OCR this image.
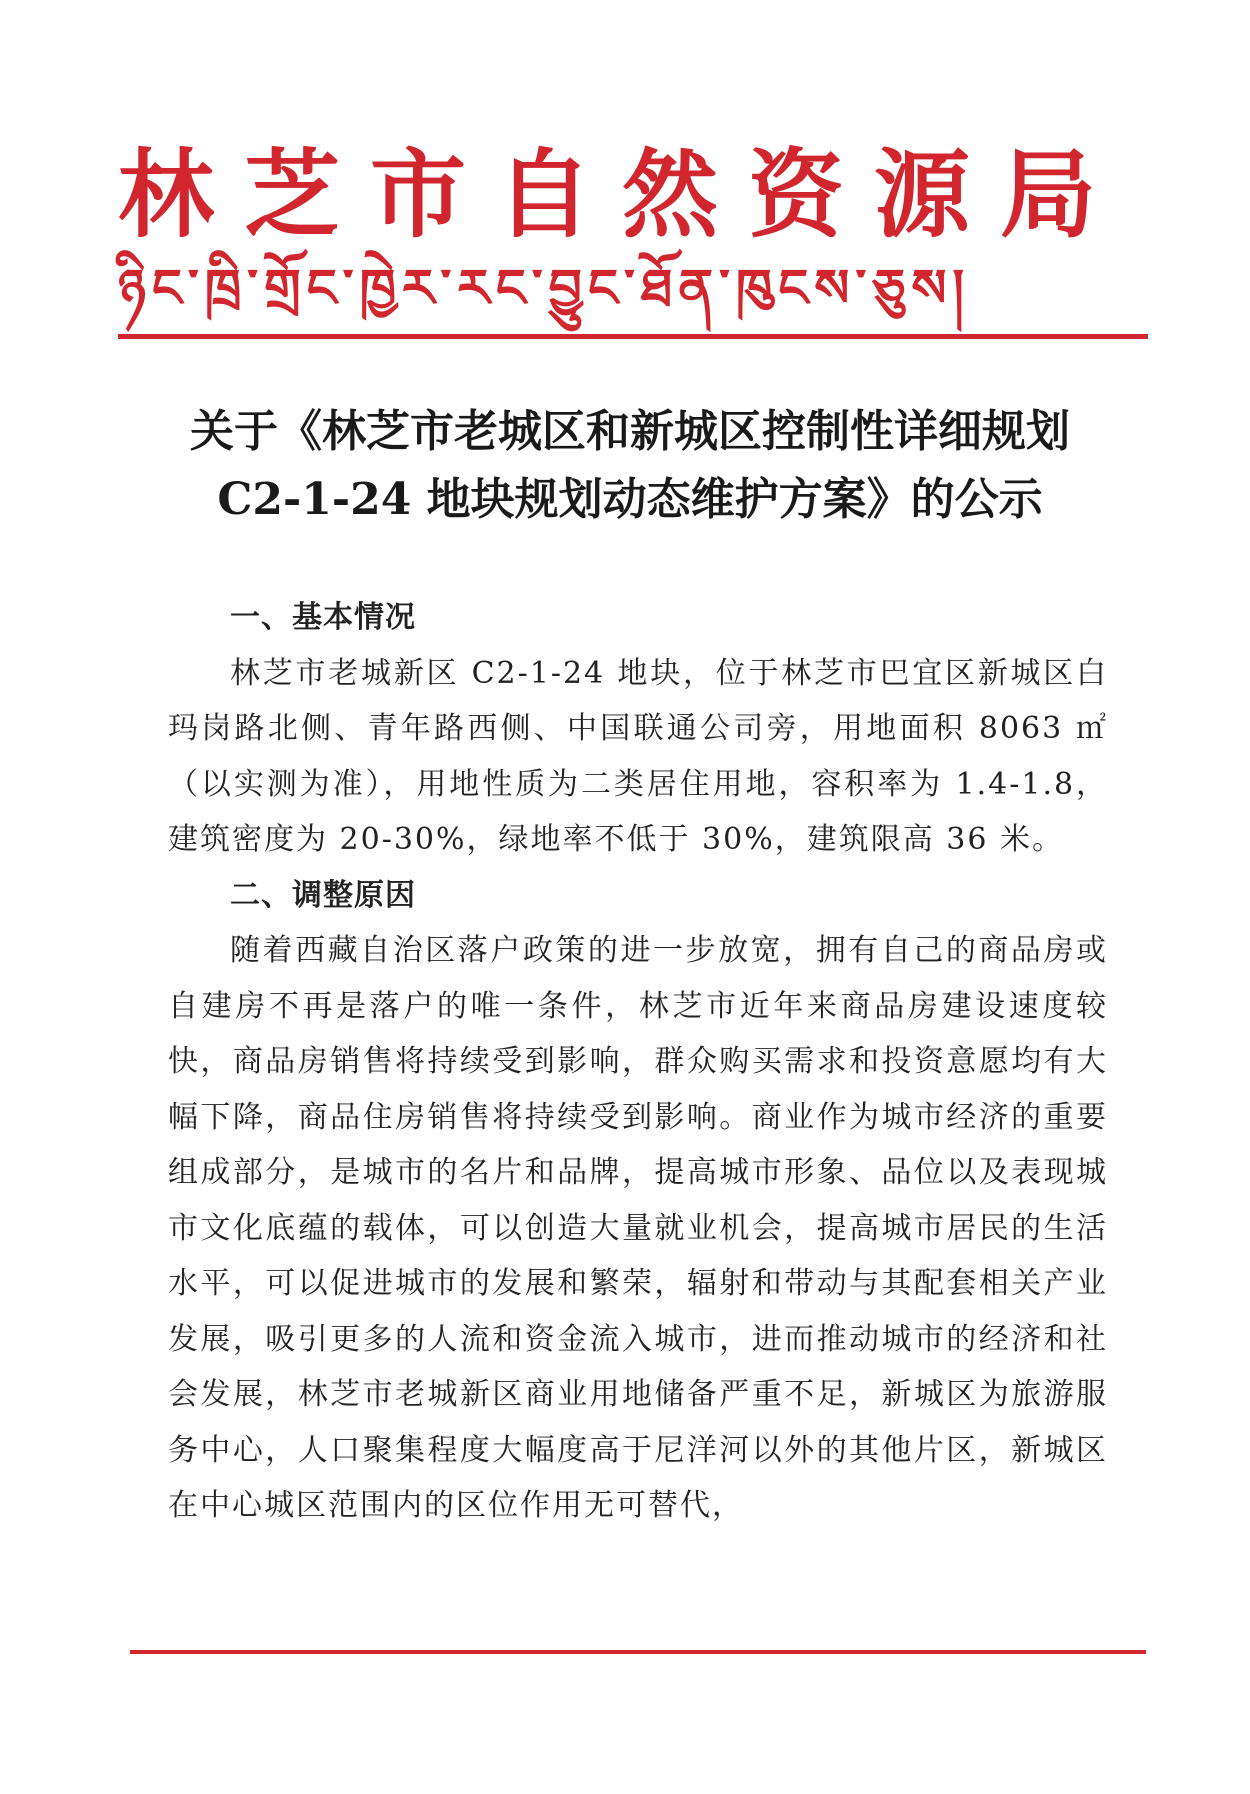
林芝市自然资源局
ཉིང་ཁྲི་གྲོང་ཁྱེར་རང་བྱུང་ཐོན་ཁུངས་ཅུས།
关于《林芝市老城区和新城区控制性详细规划
C2-1-24 地块规划动态维护方案》的公示

一、基本情况

林芝市老城新区 C2-1-24 地块，位于林芝市巴宜区新城区白玛岗路北侧、青年路西侧、中国联通公司旁，用地面积 8063 ㎡（以实测为准），用地性质为二类居住用地，容积率为 1.4-1.8，建筑密度为 20-30%，绿地率不低于 30%，建筑限高 36 米。

二、调整原因

随着西藏自治区落户政策的进一步放宽，拥有自己的商品房或自建房不再是落户的唯一条件，林芝市近年来商品房建设速度较快，商品房销售将持续受到影响，群众购买需求和投资意愿均有大幅下降，商品住房销售将持续受到影响。商业作为城市经济的重要组成部分，是城市的名片和品牌，提高城市形象、品位以及表现城市文化底蕴的载体，可以创造大量就业机会，提高城市居民的生活水平，可以促进城市的发展和繁荣，辐射和带动与其配套相关产业发展，吸引更多的人流和资金流入城市，进而推动城市的经济和社会发展，林芝市老城新区商业用地储备严重不足，新城区为旅游服务中心，人口聚集程度大幅度高于尼洋河以外的其他片区，新城区在中心城区范围内的区位作用无可替代，
